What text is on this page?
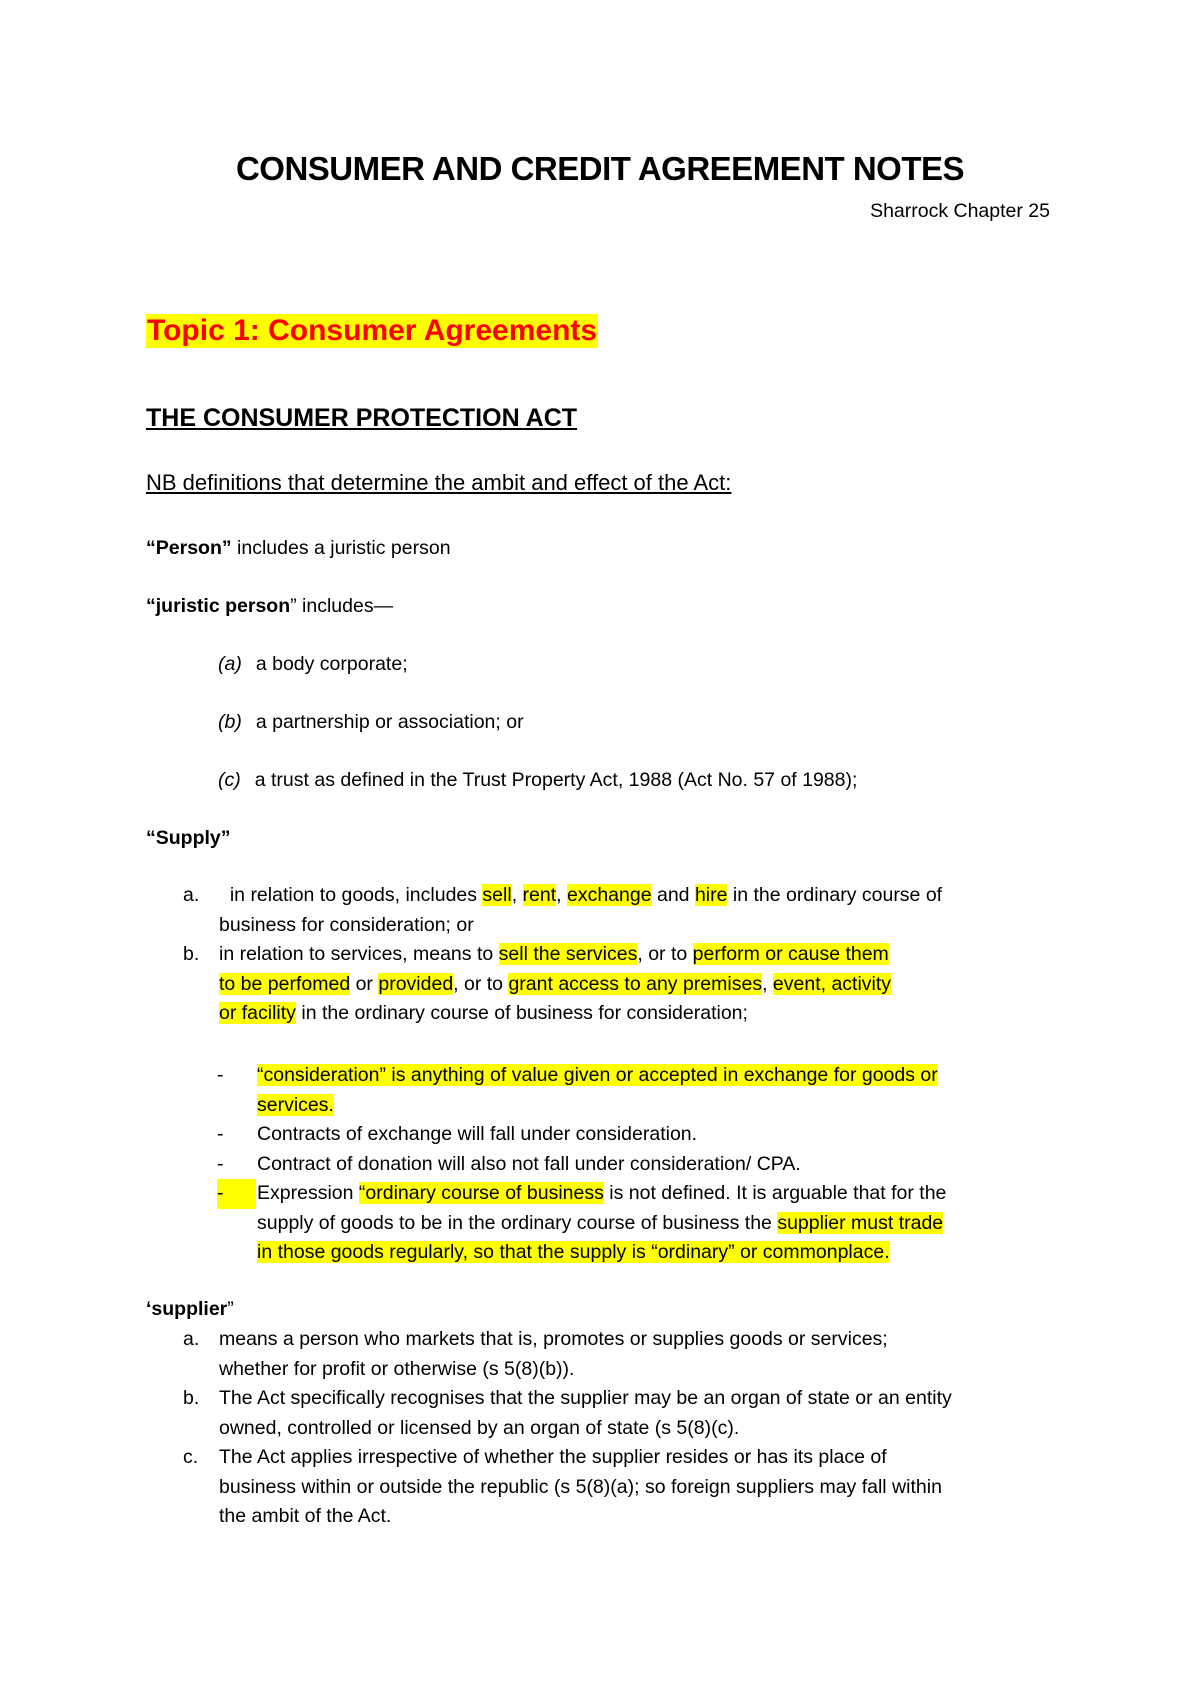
CONSUMER AND CREDIT AGREEMENT NOTES
Sharrock Chapter 25
Topic 1: Consumer Agreements
THE CONSUMER PROTECTION ACT
NB definitions that determine the ambit and effect of the Act:
“Person” includes a juristic person
“juristic person” includes—
(a) a body corporate;
(b) a partnership or association; or
(c) a trust as defined in the Trust Property Act, 1988 (Act No. 57 of 1988);
“Supply”
a.	in relation to goods, includes sell, rent, exchange and hire in the ordinary course of
business for consideration; or
b. in relation to services, means to sell the services, or to perform or cause them
to be perfomed or provided, or to grant access to any premises, event, activity
or facility in the ordinary course of business for consideration;
- “consideration” is anything of value given or accepted in exchange for goods or
services.
- Contracts of exchange will fall under consideration.
- Contract of donation will also not fall under consideration/ CPA.
-	Expression “ordinary course of business is not defined. It is arguable that for the
supply of goods to be in the ordinary course of business the supplier must trade
in those goods regularly, so that the supply is “ordinary” or commonplace.
‘supplier”
a. means a person who markets that is, promotes or supplies goods or services;
whether for profit or otherwise (s 5(8)(b)).
b. The Act specifically recognises that the supplier may be an organ of state or an entity
owned, controlled or licensed by an organ of state (s 5(8)(c).
c. The Act applies irrespective of whether the supplier resides or has its place of
business within or outside the republic (s 5(8)(a); so foreign suppliers may fall within
the ambit of the Act.
